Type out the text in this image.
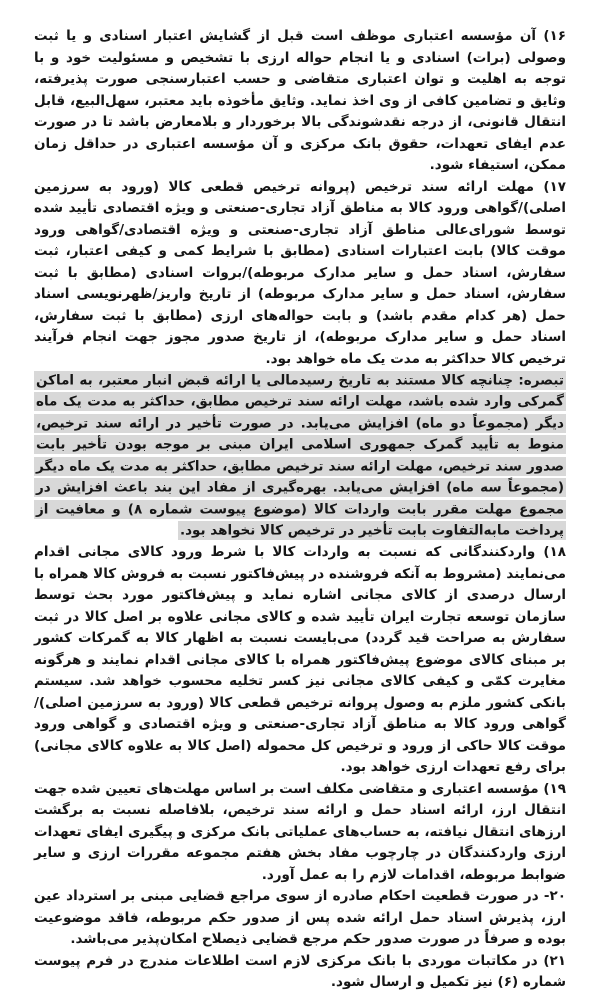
۱۶) آن مؤسسه اعتباری موظف است قبل از گشایش اعتبار اسنادی و یا ثبت وصولی (برات) اسنادی و یا انجام حواله ارزی با تشخیص و مسئولیت خود و با توجه به اهلیت و توان اعتباری متقاضی و حسب اعتبارسنجی صورت پذیرفته، وثایق و تضامین کافی از وی اخذ نماید. وثایق مأخوذه باید معتبر، سهل‌البیع، قابل انتقال قانونی، از درجه نقدشوندگی بالا برخوردار و بلامعارض باشد تا در صورت عدم ایفای تعهدات، حقوق بانک مرکزی و آن مؤسسه اعتباری در حداقل زمان ممکن، استیفاء شود.

۱۷) مهلت ارائه سند ترخیص (پروانه ترخیص قطعی کالا (ورود به سرزمین اصلی)/گواهی ورود کالا به مناطق آزاد تجاری-صنعتی و ویژه اقتصادی تأیید شده توسط شورای‌عالی مناطق آزاد تجاری-صنعتی و ویژه اقتصادی/گواهی ورود موقت کالا) بابت اعتبارات اسنادی (مطابق با شرایط کمی و کیفی اعتبار، ثبت سفارش، اسناد حمل و سایر مدارک مربوطه)/بروات اسنادی (مطابق با ثبت سفارش، اسناد حمل و سایر مدارک مربوطه) از تاریخ واریز/ظهرنویسی اسناد حمل (هر کدام مقدم باشد) و بابت حواله‌های ارزی (مطابق با ثبت سفارش، اسناد حمل و سایر مدارک مربوطه)، از تاریخ صدور مجوز جهت انجام فرآیند ترخیص کالا حداکثر به مدت یک ماه خواهد بود.

تبصره: چنانچه کالا مستند به تاریخ رسیدمالی یا ارائه قبض انبار معتبر، به اماکن گمرکی وارد شده باشد، مهلت ارائه سند ترخیص مطابق، حداکثر به مدت یک ماه دیگر (مجموعاً دو ماه) افزایش می‌یابد. در صورت تأخیر در ارائه سند ترخیص، منوط به تأیید گمرک جمهوری اسلامی ایران مبنی بر موجه بودن تأخیر بابت صدور سند ترخیص، مهلت ارائه سند ترخیص مطابق، حداکثر به مدت یک ماه دیگر (مجموعاً سه ماه) افزایش می‌یابد. بهره‌گیری از مفاد این بند باعث افزایش در مجموع مهلت مقرر بابت واردات کالا (موضوع پیوست شماره ۸) و معافیت از پرداخت مابه‌التفاوت بابت تأخیر در ترخیص کالا نخواهد بود.

۱۸) واردکنندگانی که نسبت به واردات کالا با شرط ورود کالای مجانی اقدام می‌نمایند (مشروط به آنکه فروشنده در پیش‌فاکتور نسبت به فروش کالا همراه با ارسال درصدی از کالای مجانی اشاره نماید و پیش‌فاکتور مورد بحث توسط سازمان توسعه تجارت ایران تأیید شده و کالای مجانی علاوه بر اصل کالا در ثبت سفارش به صراحت قید گردد) می‌بایست نسبت به اظهار کالا به گمرکات کشور بر مبنای کالای موضوع پیش‌فاکتور همراه با کالای مجانی اقدام نمایند و هرگونه مغایرت کمّی و کیفی کالای مجانی نیز کسر تخلیه محسوب خواهد شد. سیستم بانکی کشور ملزم به وصول پروانه ترخیص قطعی کالا (ورود به سرزمین اصلی)/گواهی ورود کالا به مناطق آزاد تجاری-صنعتی و ویژه اقتصادی و گواهی ورود موقت کالا حاکی از ورود و ترخیص کل محموله (اصل کالا به علاوه کالای مجانی) برای رفع تعهدات ارزی خواهد بود.

۱۹) مؤسسه اعتباری و متقاضی مکلف است بر اساس مهلت‌های تعیین شده جهت انتقال ارز، ارائه اسناد حمل و ارائه سند ترخیص، بلافاصله نسبت به برگشت ارزهای انتقال نیافته، به حساب‌های عملیاتی بانک مرکزی و پیگیری ایفای تعهدات ارزی واردکنندگان در چارچوب مفاد بخش هفتم مجموعه مقررات ارزی و سایر ضوابط مربوطه، اقدامات لازم را به عمل آورد.

۲۰- در صورت قطعیت احکام صادره از سوی مراجع قضایی مبنی بر استرداد عین ارز، پذیرش اسناد حمل ارائه شده پس از صدور حکم مربوطه، فاقد موضوعیت بوده و صرفاً در صورت صدور حکم مرجع قضایی ذیصلاح امکان‌پذیر می‌باشد.

۲۱) در مکاتبات موردی با بانک مرکزی لازم است اطلاعات مندرج در فرم پیوست شماره (۶) نیز تکمیل و ارسال شود.
